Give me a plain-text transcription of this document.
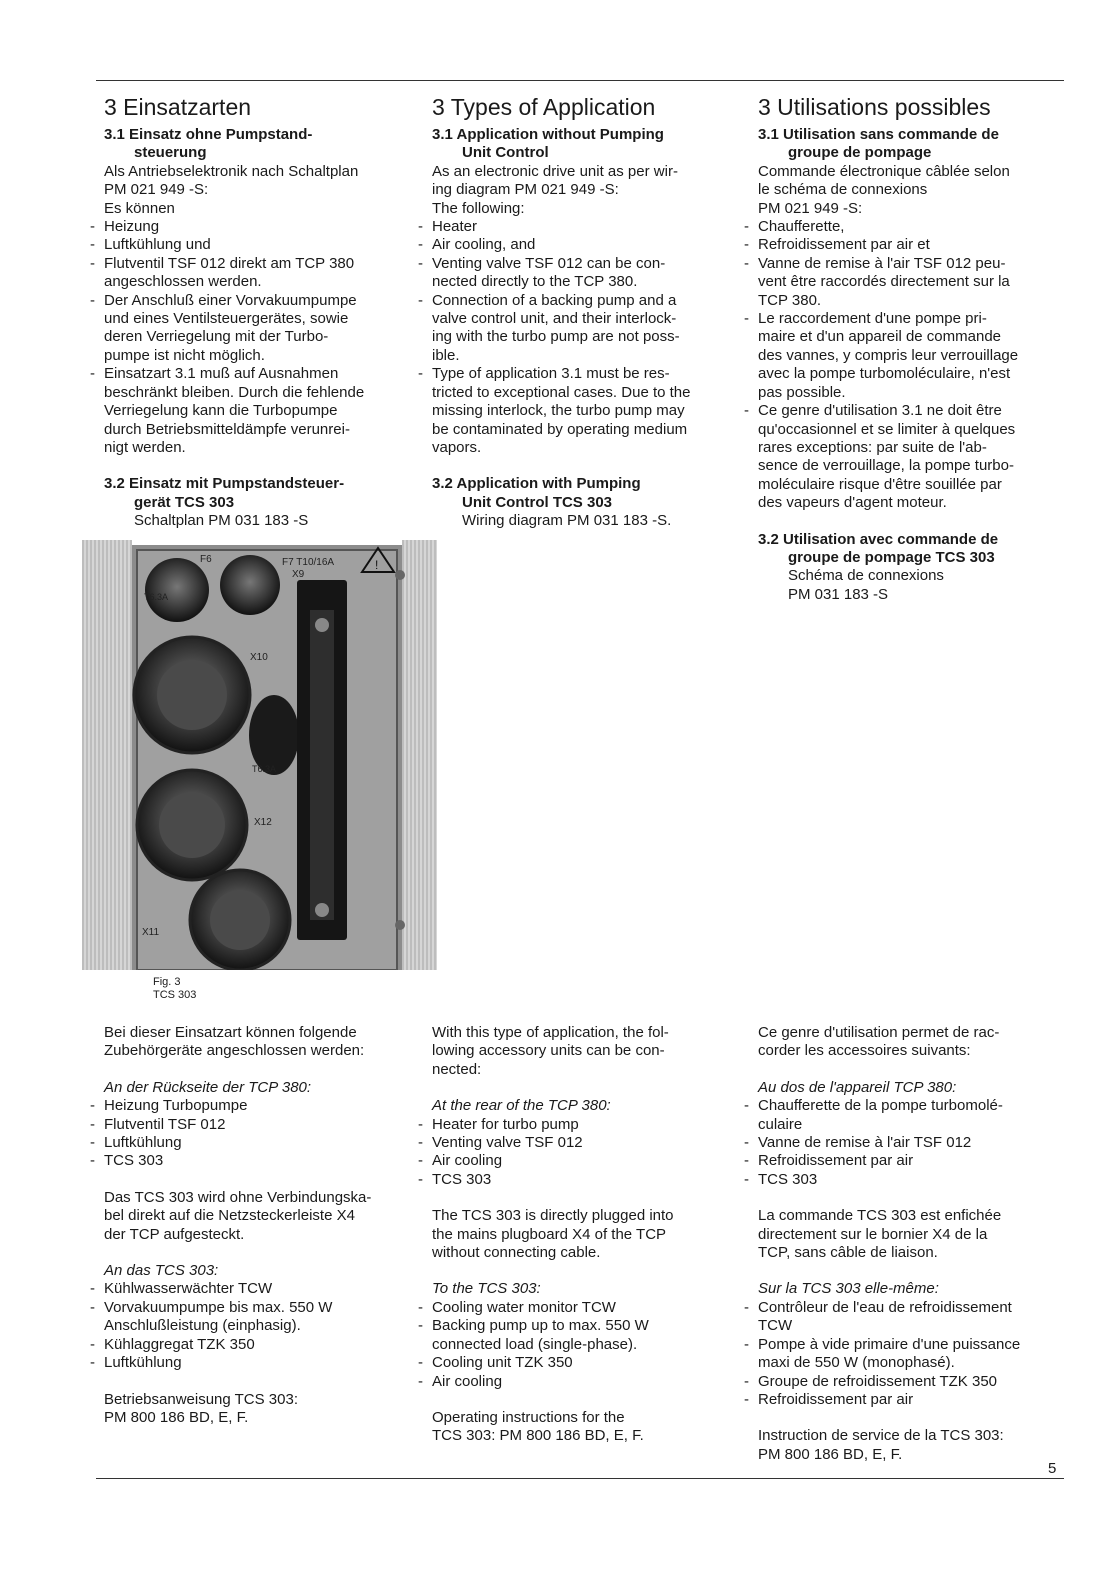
3 Einsatzarten
3.1 Einsatz ohne Pumpstand-
steuerung

Als Antriebselektronik nach Schaltplan

PM 021 949 -S:

Es können

- Heizung

- Luftkühlung und

- Flutventil TSF 012 direkt am TCP 380

angeschlossen werden.

- Der Anschluß einer Vorvakuumpumpe

und eines Ventilsteuergerätes, sowie

deren Verriegelung mit der Turbo-

pumpe ist nicht möglich.

- Einsatzart 3.1 muß auf Ausnahmen

beschränkt bleiben. Durch die fehlende

Verriegelung kann die Turbopumpe

durch Betriebsmitteldämpfe verunrei-

nigt werden.

3.2 Einsatz mit Pumpstandsteuer-
gerät TCS 303

Schaltplan PM 031 183 -S

3 Types of Application
3.1 Application without Pumping
Unit Control

As an electronic drive unit as per wir-

ing diagram PM 021 949 -S:

The following:

- Heater

- Air cooling, and

- Venting valve TSF 012 can be con-

nected directly to the TCP 380.

- Connection of a backing pump and a

valve control unit, and their interlock-

ing with the turbo pump are not poss-

ible.

- Type of application 3.1 must be res-

tricted to exceptional cases. Due to the

missing interlock, the turbo pump may

be contaminated by operating medium

vapors.

3.2 Application with Pumping
Unit Control TCS 303

Wiring diagram PM 031 183 -S.

3 Utilisations possibles
3.1 Utilisation sans commande de
groupe de pompage

Commande électronique câblée selon

le schéma de connexions

PM 021 949 -S:

- Chaufferette,

- Refroidissement par air et

- Vanne de remise à l'air TSF 012 peu-

vent être raccordés directement sur la

TCP 380.

- Le raccordement d'une pompe pri-

maire et d'un appareil de commande

des vannes, y compris leur verrouillage

avec la pompe turbomoléculaire, n'est

pas possible.

- Ce genre d'utilisation 3.1 ne doit être

qu'occasionnel et se limiter à quelques

rares exceptions: par suite de l'ab-

sence de verrouillage, la pompe turbo-

moléculaire risque d'être souillée par

des vapeurs d'agent moteur.

3.2 Utilisation avec commande de
groupe de pompage TCS 303

Schéma de connexions

PM 031 183 -S

!
F6	F7 T10/16A
X9
T6.3A
X10
T6.3A
X11
X12
Fig. 3
TCS 303

Bei dieser Einsatzart können folgende

Zubehörgeräte angeschlossen werden:

An der Rückseite der TCP 380:

- Heizung Turbopumpe

- Flutventil TSF 012

- Luftkühlung

- TCS 303

Das TCS 303 wird ohne Verbindungska-

bel direkt auf die Netzsteckerleiste X4

der TCP aufgesteckt.

An das TCS 303:

- Kühlwasserwächter TCW

- Vorvakuumpumpe bis max. 550 W

Anschlußleistung (einphasig).

- Kühlaggregat TZK 350

- Luftkühlung

Betriebsanweisung TCS 303:

PM 800 186 BD, E, F.

With this type of application, the fol-

lowing accessory units can be con-

nected:

At the rear of the TCP 380:

- Heater for turbo pump

- Venting valve TSF 012

- Air cooling

- TCS 303

The TCS 303 is directly plugged into

the mains plugboard X4 of the TCP

without connecting cable.

To the TCS 303:

- Cooling water monitor TCW

- Backing pump up to max. 550 W

connected load (single-phase).

- Cooling unit TZK 350

- Air cooling

Operating instructions for the

TCS 303: PM 800 186 BD, E, F.

Ce genre d'utilisation permet de rac-

corder les accessoires suivants:

Au dos de l'appareil TCP 380:

- Chaufferette de la pompe turbomolé-

culaire

- Vanne de remise à l'air TSF 012

- Refroidissement par air

- TCS 303

La commande TCS 303 est enfichée

directement sur le bornier X4 de la

TCP, sans câble de liaison.

Sur la TCS 303 elle-même:

- Contrôleur de l'eau de refroidissement

TCW

- Pompe à vide primaire d'une puissance

maxi de 550 W (monophasé).

- Groupe de refroidissement TZK 350

- Refroidissement par air

Instruction de service de la TCS 303:

PM 800 186 BD, E, F.

5
